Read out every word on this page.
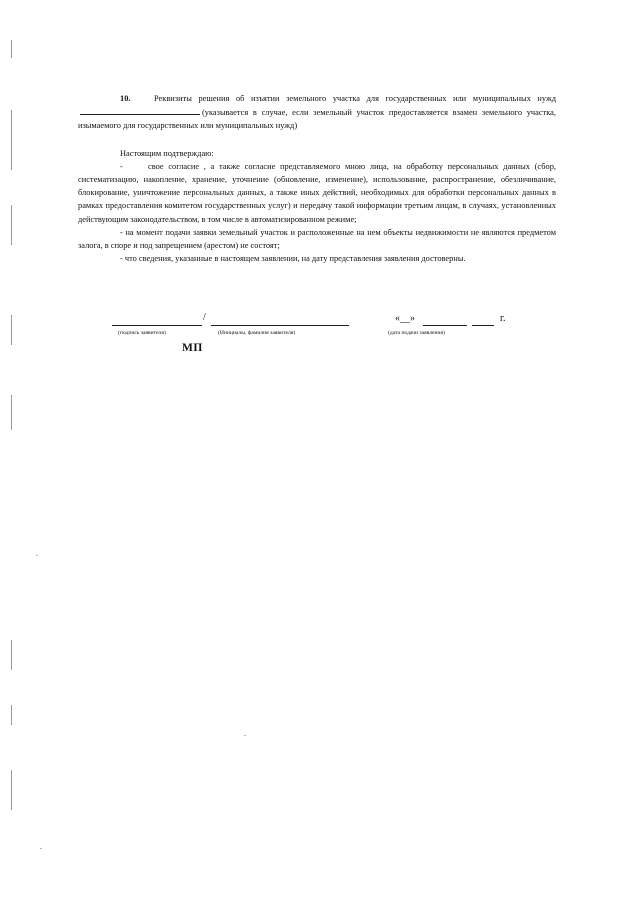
10.	Реквизиты решения об изъятии земельного участка для государственных или муниципальных нужд (указывается в случае, если земельный участок предоставляется взамен земельного участка, изымаемого для государственных или муниципальных нужд)

Настоящим подтверждаю:

-	свое согласие , а также согласие представляемого мною лица, на обработку персональных данных (сбор, систематизацию, накопление, хранение, уточнение (обновление, изменение), использование, распространение, обезличивание, блокирование, уничтожение персональных данных, а также иных действий, необходимых для обработки персональных данных в рамках предоставления комитетом государственных услуг) и передачу такой информации третьим лицам, в случаях, установленных действующим законодательством, в том числе в автоматизированном режиме;

- на момент подачи заявки земельный участок и расположенные на нем объекты недвижимости не являются предметом залога, в споре и под запрещением (арестом) не состоят;

- что сведения, указанные в настоящем заявлении, на дату представления заявления достоверны.

/	«__»	г.
(подпись заявителя)	(Инициалы, фамилия заявителя)	(дата подачи заявления)
МП
